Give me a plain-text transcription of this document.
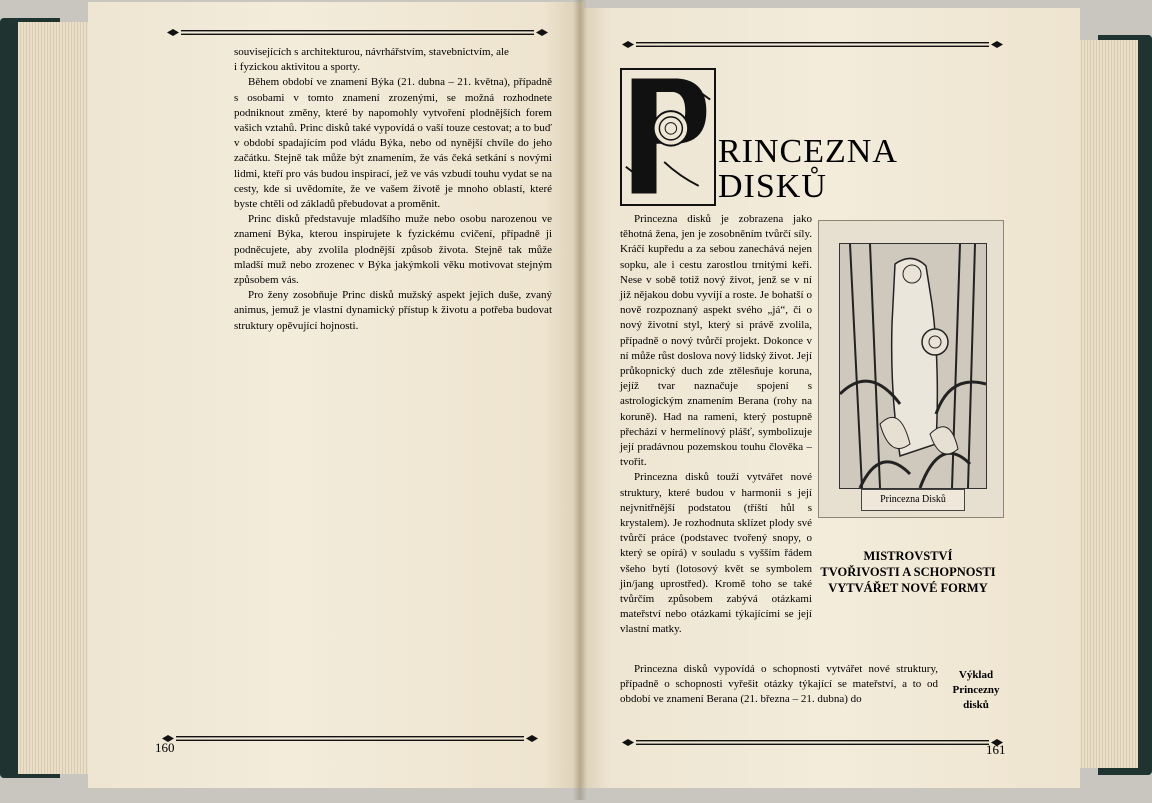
souvisejících s architekturou, návrhářstvím, stavebnictvím, ale

i fyzickou aktivitou a sporty.

Během období ve znamení Býka (21. dubna – 21. května), případně s osobami v tomto znamení zrozenými, se možná rozhodnete podniknout změny, které by napomohly vytvoření plodnějších forem vašich vztahů. Princ disků také vypovídá o vaší touze cestovat; a to buď v období spadajícím pod vládu Býka, nebo od nynější chvíle do jeho začátku. Stejně tak může být znamením, že vás čeká setkání s novými lidmi, kteří pro vás budou inspirací, jež ve vás vzbudí touhu vydat se na cesty, kde si uvědomíte, že ve vašem životě je mnoho oblastí, které byste chtěli od základů přebudovat a proměnit.

Princ disků představuje mladšího muže nebo osobu narozenou ve znamení Býka, kterou inspirujete k fyzickému cvičení, případně ji podněcujete, aby zvolila plodnější způsob života. Stejně tak může mladší muž nebo zrozenec v Býka jakýmkoli věku motivovat stejným způsobem vás.

Pro ženy zosobňuje Princ disků mužský aspekt jejich duše, zvaný animus, jemuž je vlastní dynamický přístup k životu a potřeba budovat struktury opěvující hojnosti.

160
RINCEZNA
DISKŮ

Princezna disků je zobrazena jako těhotná žena, jen je zosobněním tvůrčí síly. Kráčí kupředu a za sebou zanechává nejen sopku, ale i cestu zarostlou trnitými keři. Nese v sobě totiž nový život, jenž se v ní již nějakou dobu vyvíjí a roste. Je bohatší o nově rozpoznaný aspekt svého „já“, či o nový životní styl, který si právě zvolila, případně o nový tvůrčí projekt. Dokonce v ní může růst doslova nový lidský život. Její průkopnický duch zde ztělesňuje koruna, jejíž tvar naznačuje spojení s astrologickým znamením Berana (rohy na koruně). Had na rameni, který postupně přechází v hermelínový plášť, symbolizuje její pradávnou pozemskou touhu člověka – tvořit.

Princezna disků touží vytvářet nové struktury, které budou v harmonii s její nejvnitřnější podstatou (tříští hůl s krystalem). Je rozhodnuta sklízet plody své tvůrčí práce (podstavec tvořený snopy, o který se opírá) v souladu s vyšším řádem všeho bytí (lotosový květ se symbolem jin/jang uprostřed). Kromě toho se také tvůrčím způsobem zabývá otázkami mateřství nebo otázkami týkajícími se její vlastní matky.

Princezna Disků
MISTROVSTVÍ
TVOŘIVOSTI A SCHOPNOSTI
VYTVÁŘET NOVÉ FORMY

Princezna disků vypovídá o schopnosti vytvářet nové struktury, případně o schopnosti vyřešit otázky týkající se mateřství, a to od období ve znamení Berana (21. března – 21. dubna) do

Výklad
Princezny
disků
161
